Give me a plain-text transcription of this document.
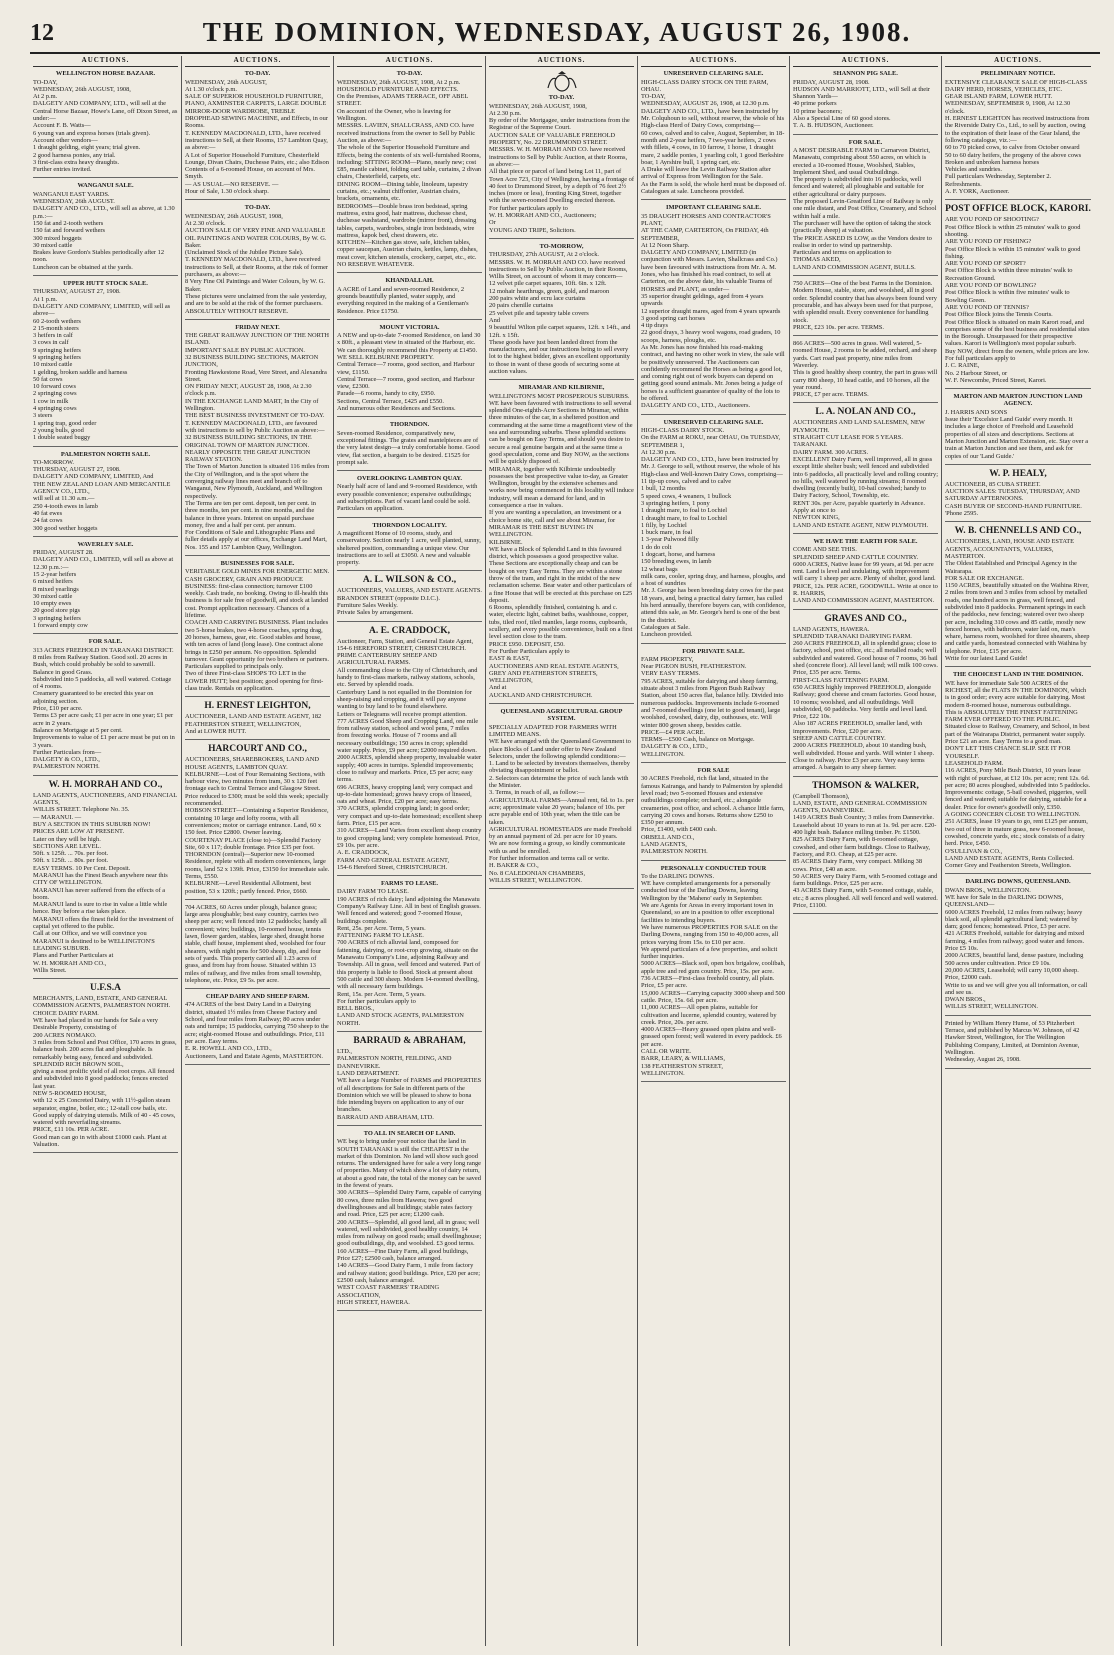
12	THE DOMINION, WEDNESDAY, AUGUST 26, 1908.
AUCTIONS.
WELLINGTON HORSE BAZAAR.
TO-DAY,
WEDNESDAY, 26th AUGUST, 1908,
At 2 p.m.
DALGETY AND COMPANY, LTD., will sell at the Central Horse Bazaar, Howe's Lane, off Dixon Street, as under:—
Account F. B. Watts—
6 young van and express horses (trials given).
Account other vendors—
1 draught gelding, eight years; trial given.
2 good harness ponies, any trial.
3 first-class extra heavy draughts.
Further entries invited.
WANGANUI SALE.
WANGANUI EAST YARDS.
WEDNESDAY, 26th AUGUST.
DALGETY AND CO., LTD., will sell as above, at 1.30 p.m.:—
150 fat and 2-tooth wethers
150 fat and forward wethers
300 mixed hoggets
30 mixed cattle
Brakes leave Gordon's Stables periodically after 12 noon.
Luncheon can be obtained at the yards.
UPPER HUTT STOCK SALE.
THURSDAY, AUGUST 27, 1908.
At 1 p.m.
DALGETY AND COMPANY, LIMITED, will sell as above—
60 2-tooth wethers
2 15-month steers
3 heifers in calf
3 cows in calf
9 springing heifers
9 springing heifers
10 mixed cattle
1 gelding, broken saddle and harness
50 fat cows
10 forward cows
2 springing cows
1 cow in milk
4 springing cows
3 steers
1 spring trap, good order
2 young bulls, good
1 double seated buggy
PALMERSTON NORTH SALE.
TO-MORROW.
THURSDAY, AUGUST 27, 1908.
DALGETY AND COMPANY, LIMITED, And
THE NEW ZEALAND LOAN AND MERCANTILE AGENCY CO., LTD.,
will sell at 11.30 a.m.—
250 4-tooth ewes in lamb
40 fat ewes
24 fat cows
300 good wether hoggets
WAVERLEY SALE.
FRIDAY, AUGUST 28.
DALGETY AND CO., LIMITED, will sell as above at 12.30 p.m.:—
15 2-year heifers
6 mixed heifers
8 mixed yearlings
30 mixed cattle
10 empty ewes
20 good store pigs
3 springing heifers
1 forward empty cow
FOR SALE.
313 ACRES FREEHOLD IN TARANAKI DISTRICT.
8 miles from Railway Station. Good soil. 20 acres in Bush, which could probably be sold to sawmill.
Balance in good Grass.
Subdivided into 5 paddocks, all well watered. Cottage of 4 rooms.
Creamery guaranteed to be erected this year on adjoining section.
Price, £10 per acre.
Terms £3 per acre cash; £1 per acre in one year; £1 per acre in 2 years.
Balance on Mortgage at 5 per cent.
Improvements to value of £1 per acre must be put on in 3 years.
Further Particulars from—
DALGETY & CO., LTD.,
PALMERSTON NORTH.
W. H. MORRAH AND CO.,
LAND AGENTS, AUCTIONEERS, AND FINANCIAL AGENTS,
WILLIS STREET. Telephone No. 35.
— MARANUI. —
BUY A SECTION IN THIS SUBURB NOW!
PRICES ARE LOW AT PRESENT.
Later on they will be high.
SECTIONS ARE LEVEL.
50ft. x 125ft. ... 70s. per foot.
50ft. x 125ft. ... 80s. per foot.
EASY TERMS. 10 Per Cent. Deposit.
MARANUI has the Finest Beach anywhere near this CITY OF WELLINGTON.
MARANUI has never suffered from the effects of a boom.
MARANUI land is sure to rise in value a little while hence. Buy before a rise takes place.
MARANUI offers the finest field for the investment of capital yet offered to the public.
Call at our Office, and we will convince you MARANUI is destined to be WELLINGTON'S LEADING SUBURB.
Plans and Further Particulars at
W. H. MORRAH AND CO.,
Willis Street.
U.F.S.A
MERCHANTS, LAND, ESTATE, AND GENERAL COMMISSION AGENTS, PALMERSTON NORTH.
CHOICE DAIRY FARM.
WE have had placed in our hands for Sale a very Desirable Property, consisting of
200 ACRES NOMAKO.
3 miles from School and Post Office, 170 acres in grass, balance bush. 200 acres flat and ploughable. Is remarkably being easy, fenced and subdivided.
SPLENDID RICH BROWN SOIL,
giving a most prolific yield of all root crops. All fenced and subdivided into 8 good paddocks; fences erected last year.
NEW 5-ROOMED HOUSE,
with 12 x 25 Concreted Dairy, with 11½-gallon steam separator, engine, boiler, etc.; 12-stall cow bails, etc. Good supply of dairying utensils. Milk of 40 - 45 cows, watered with neverfailing streams.
PRICE, £11 10s. PER ACRE.
Good man can go in with about £1000 cash. Plant at Valuation.
AUCTIONS.
TO-DAY.
WEDNESDAY, 26th AUGUST,
At 1.30 o'clock p.m.
SALE OF SUPERIOR HOUSEHOLD FURNITURE, PIANO, AXMINSTER CARPETS, LARGE DOUBLE MIRROR-DOOR WARDROBE, TREBLE DROPHEAD SEWING MACHINE, and Effects, in our Rooms.
T. KENNEDY MACDONALD, LTD., have received instructions to Sell, at their Rooms, 157 Lambton Quay, as above:—
A Lot of Superior Household Furniture, Chesterfield Lounge, Divan Chairs, Duchesse Pairs, etc.; also Edison Contents of a 6-roomed House, on account of Mrs. Smyth.
— AS USUAL—NO RESERVE. —
Hour of Sale, 1.30 o'clock sharp.
TO-DAY.
WEDNESDAY, 26th AUGUST, 1908,
At 2.30 o'clock.
AUCTION SALE OF VERY FINE AND VALUABLE OIL PAINTINGS AND WATER COLOURS, By W. G. Baker.
(Unclaimed Stock of the Jubilee Picture Sale).
T. KENNEDY MACDONALD, LTD., have received instructions to Sell, at their Rooms, at the risk of former purchasers, as above:—
8 Very Fine Oil Paintings and Water Colours, by W. G. Baker.
These pictures were unclaimed from the sale yesterday, and are to be sold at the risk of the former purchasers.
ABSOLUTELY WITHOUT RESERVE.
FRIDAY NEXT.
THE GREAT RAILWAY JUNCTION OF THE NORTH ISLAND.
IMPORTANT SALE BY PUBLIC AUCTION.
32 BUSINESS BUILDING SECTIONS, MARTON JUNCTION,
Fronting Hawkestone Road, Vere Street, and Alexandra Street.
ON FRIDAY NEXT, AUGUST 28, 1908, At 2.30 o'clock p.m.
IN THE EXCHANGE LAND MART, In the City of Wellington.
THE BEST BUSINESS INVESTMENT OF TO-DAY.
T. KENNEDY MACDONALD, LTD., are favoured with instructions to sell by Public Auction as above:—
32 BUSINESS BUILDING SECTIONS, IN THE ORIGINAL TOWN OF MARTON JUNCTION.
NEARLY OPPOSITE THE GREAT JUNCTION RAILWAY STATION.
The Town of Marton Junction is situated 116 miles from the City of Wellington, and is the spot where the converging railway lines meet and branch off to Wanganui, New Plymouth, Auckland, and Wellington respectively.
The Terms are ten per cent. deposit, ten per cent. in three months, ten per cent. in nine months, and the balance in three years. Interest on unpaid purchase money, five and a half per cent. per annum.
For Conditions of Sale and Lithographic Plans and fuller details apply at our offices, Exchange Land Mart, Nos. 155 and 157 Lambton Quay, Wellington.
BUSINESSES FOR SALE.
VERITABLE GOLD MINES FOR ENERGETIC MEN.
CASH GROCERY, GRAIN AND PRODUCE BUSINESS: first-class connection; turnover £100 weekly. Cash trade, no booking. Owing to ill-health this business is for sale free of goodwill, and stock at landed cost. Prompt application necessary. Chances of a lifetime.
COACH AND CARRYING BUSINESS. Plant includes two 5-horse brakes, two 4-horse coaches, spring drag, 20 horses, harness, gear, etc. Good stables and house, with ten acres of land (long lease). One contract alone brings in £250 per annum. No opposition. Splendid turnover. Grant opportunity for two brothers or partners. Particulars supplied to principals only.
Two of three First-class SHOPS TO LET in the LOWER HUTT; best position; good opening for first-class trade. Rentals on application.
H. ERNEST LEIGHTON,
AUCTIONEER, LAND AND ESTATE AGENT, 182 FEATHERSTON STREET, WELLINGTON,
And at LOWER HUTT.
HARCOURT AND CO.,
AUCTIONEERS, SHAREBROKERS, LAND AND HOUSE AGENTS, LAMBTON QUAY.
KELBURNE—Lost of Four Remaining Sections, with harbour view, two minutes from tram, 30 x 120 feet frontage each to Central Terrace and Glasgow Street. Price reduced to £300; must be sold this week; specially recommended.
HOBSON STREET—Containing a Superior Residence, containing 10 large and lofty rooms, with all conveniences; motor or carriage entrance. Land, 60 x 150 feet. Price £2800. Owner leaving.
COURTENAY PLACE (close to)—Splendid Factory Site, 60 x 117; double frontage. Price £35 per foot.
THORNDON (central)—Superior new 10-roomed Residence, replete with all modern conveniences, large rooms, land 52 x 139ft. Price, £3150 for immediate sale. Terms, £550.
KELBURNE—Level Residential Allotment, best position, 53 x 120ft.; partly fenced. Price, £660.
704 ACRES, 60 Acres under plough, balance grass; large area ploughable; best easy country, carries two sheep per acre; well fenced into 12 paddocks; handy all convenient; wire; buildings, 10-roomed house, tennis lawn, flower garden, stables, large shed, draught horse stable, chaff house, implement shed, woolshed for four shearers, with night pens for 500 sheep, dip, and four sets of yards. This property carried all 1.23 acres of grass, and from hay from house. Situated within 13 miles of railway, and five miles from small township, telephone, etc. Price, £9 5s. per acre.
CHEAP DAIRY AND SHEEP FARM.
474 ACRES of the best Dairy Land in a Dairying district, situated 1½ miles from Cheese Factory and School, and four miles from Railway; 80 acres under oats and turnips; 15 paddocks, carrying 750 sheep to the acre; eight-roomed House and outbuildings. Price, £11 per acre. Easy terms.
E. R. HOWELL AND CO., LTD.,
Auctioneers, Land and Estate Agents, MASTERTON.
AUCTIONS.
TO-DAY.
WEDNESDAY, 26th AUGUST, 1908, At 2 p.m.
HOUSEHOLD FURNITURE AND EFFECTS.
On the Premises, ADAMS TERRACE, OFF ABEL STREET.
On account of the Owner, who is leaving for Wellington.
MESSRS. LAVIEN, SHALLCRASS, AND CO. have received instructions from the owner to Sell by Public Auction, as above:—
The whole of the Superior Household Furniture and Effects, being the contents of six well-furnished Rooms, including: SITTING ROOM—Piano, nearly new; cost £85, mantle cabinet, folding card table, curtains, 2 divan chairs, Chesterfield, carpets, etc.
DINING ROOM—Dining table, linoleum, tapestry curtains, etc.; walnut chiffonier, Austrian chairs, brackets, ornaments, etc.
BEDROOMS—Double brass iron bedstead, spring mattress, extra good, hair mattress, duchesse chest, duchesse washstand, wardrobe (mirror front), dressing tables, carpets, wardrobes, single iron bedsteads, wire mattress, kapok bed, chest drawers, etc.
KITCHEN—Kitchen gas stove, safe, kitchen tables, copper saucepan, Austrian chairs, kettles, lamp, dishes, meat cover, kitchen utensils, crockery, carpet, etc., etc.
NO RESERVE WHATEVER.
KHANDALLAH.
A ACRE of Land and seven-roomed Residence, 2 grounds beautifully planted, water supply, and everything required in the making of a Gentleman's Residence. Price £1750.
MOUNT VICTORIA.
A NEW and up-to-date 7-roomed Residence, on land 30 x 80ft., a pleasant view in situated of the Harbour, etc. We can thoroughly recommend this Property at £1450.
WE SELL KELBURNE PROPERTY.
Central Terrace—7 rooms, good section, and Harbour view, £1150.
Central Terrace—7 rooms, good section, and Harbour view, £2300.
Parade—6 rooms, handy to city, £950.
Sections, Central Terrace, £425 and £550.
And numerous other Residences and Sections.
THORNDON.
Seven-roomed Residence, comparatively new, exceptional fittings. The grates and mantelpieces are of the very latest design—a truly comfortable home. Good view, flat section, a bargain to be desired. £1525 for prompt sale.
OVERLOOKING LAMBTON QUAY.
Nearly half acre of land and 9-roomed Residence, with every possible convenience; expensive outbuildings; and subscriptions. Part of vacant land could be sold. Particulars on application.
THORNDON LOCALITY.
A magnificent Home of 10 rooms, study, and conservatory. Section nearly 1 acre, well planted, sunny, sheltered position, commanding a unique view. Our instructions are to sell at £3050. A new and valuable property.
A. L. WILSON & CO.,
AUCTIONEERS, VALUERS, AND ESTATE AGENTS.
BRANDON STREET (opposite D.I.C.).
Furniture Sales Weekly.
Private Sales by arrangement.
A. E. CRADDOCK,
Auctioneer, Farm, Station, and General Estate Agent,
154-6 HEREFORD STREET, CHRISTCHURCH.
PRIME CANTERBURY SHEEP AND AGRICULTURAL FARMS.
All commanding close to the City of Christchurch, and handy to first-class markets, railway stations, schools, etc. Served by splendid roads.
Canterbury Land is not equalled in the Dominion for sheep-raising and cropping, and it will pay anyone wanting to buy land to be found elsewhere.
Letters or Telegrams will receive prompt attention.
777 ACRES Good Sheep and Cropping Land, one mile from railway station, school and wool pens, 7 miles from freezing works. House of 7 rooms and all necessary outbuildings; 150 acres in crop; splendid water supply. Price, £9 per acre; £2000 required down.
2000 ACRES, splendid sheep property, invaluable water supply; 400 acres in turnips. Splendid improvements; close to railway and markets. Price, £5 per acre; easy terms.
696 ACRES, heavy cropping land; very compact and up-to-date homestead; grows heavy crops of linseed, oats and wheat. Price, £20 per acre; easy terms.
370 ACRES, splendid cropping land; in good order; very compact and up-to-date homestead; excellent sheep farm. Price, £15 per acre.
310 ACRES—Land Varies from excellent sheep country to good cropping land; very complete homestead. Price, £9 10s. per acre.
A. E. CRADDOCK,
FARM AND GENERAL ESTATE AGENT,
154-6 Hereford Street, CHRISTCHURCH.
FARMS TO LEASE.
DAIRY FARM TO LEASE.
190 ACRES of rich dairy; land adjoining the Manawatu Company's Railway Line. All in best of English grasses. Well fenced and watered; good 7-roomed House, buildings complete.
Rent, 25s. per Acre. Term, 5 years.
FATTENING FARM TO LEASE.
700 ACRES of rich alluvial land, composed for fattening, dairying, or root-crop growing, situate on the Manawatu Company's Line, adjoining Railway and Township. All in grass, well fenced and watered. Part of this property is liable to flood. Stock at present about 500 cattle and 300 sheep. Modern 14-roomed dwelling, with all necessary farm buildings.
Rent, 15s. per Acre. Term, 5 years.
For further particulars apply to
BELL BROS.,
LAND AND STOCK AGENTS, PALMERSTON NORTH.
BARRAUD & ABRAHAM,
LTD.,
PALMERSTON NORTH, FEILDING, AND DANNEVIRKE.
LAND DEPARTMENT.
WE have a large Number of FARMS and PROPERTIES of all descriptions for Sale in different parts of the Dominion which we will be pleased to show to bona fide intending buyers on application to any of our branches.
BARRAUD AND ABRAHAM, LTD.
TO ALL IN SEARCH OF LAND.
WE beg to bring under your notice that the land in SOUTH TARANAKI is still the CHEAPEST in the market of this Dominion. No land will show such good returns. The undersigned have for sale a very long range of properties. Many of which show a lot of dairy return, at about a good rate, the total of the money can be saved in the fewest of years.
300 ACRES—Splendid Dairy Farm, capable of carrying 80 cows, three miles from Hawera; two good dwellinghouses and all buildings; stable rates factory and road. Price, £25 per acre; £1200 cash.
200 ACRES—Splendid, all good land, all in grass; well watered, well subdivided, good healthy country, 14 miles from railway on good roads; small dwellinghouse; good outbuildings, dip, and woolshed. £3 good terms.
160 ACRES—Fine Dairy Farm, all good buildings, Price £27; £2500 cash, balance arranged.
140 ACRES—Good Dairy Farm, 1 mile from factory and railway station; good buildings. Price, £20 per acre; £2500 cash, balance arranged.
WEST COAST FARMERS' TRADING ASSOCIATION,
HIGH STREET, HAWERA.
AUCTIONS.
TO-DAY.
WEDNESDAY, 26th AUGUST, 1908,
At 2.30 p.m.
By order of the Mortgagee, under instructions from the Registrar of the Supreme Court.
AUCTION SALE OF VALUABLE FREEHOLD PROPERTY, No. 22 DRUMMOND STREET.
MESSRS. W. H. MORRAH AND CO. have received instructions to Sell by Public Auction, at their Rooms, as above:—
All that piece or parcel of land being Lot 11, part of Town Acre 723, City of Wellington, having a frontage of 40 feet to Drummond Street, by a depth of 76 feet 2½ inches (more or less), fronting King Street, together with the seven-roomed Dwelling erected thereon.
For further particulars apply to
W. H. MORRAH AND CO., Auctioneers;
Or
YOUNG AND TRIPE, Solicitors.
TO-MORROW,
THURSDAY, 27th AUGUST, At 2 o'clock.
MESSRS. W. H. MORRAH AND CO. have received instructions to Sell by Public Auction, in their Rooms, Willis Street, on account of whom it may concern—
12 velvet pile carpet squares, 10ft. 6in. x 12ft.
12 mohair hearthrugs, green, gold, and maroon
200 pairs white and ecru lace curtains
20 pairs chenille curtains
25 velvet pile and tapestry table covers
And
9 beautiful Wilton pile carpet squares, 12ft. x 14ft., and 12ft. x 15ft.
These goods have just been landed direct from the manufacturers, and our instructions being to sell every lot to the highest bidder, gives an excellent opportunity to those in want of these goods of securing some at auction values.
MIRAMAR AND KILBIRNIE,
WELLINGTON'S MOST PROSPEROUS SUBURBS.
WE have been favoured with instructions to sell several splendid One-eighth-Acre Sections in Miramar, within three minutes of the car, in a sheltered position and commanding at the same time a magnificent view of the sea and surrounding suburbs. These splendid sections can be bought on Easy Terms, and should you desire to secure a real genuine bargain and at the same time a good speculation, come and Buy NOW, as the sections will be quickly disposed of.
MIRAMAR, together with Kilbirnie undoubtedly possesses the best prospective value to-day, as Greater Wellington, brought by the extensive schemes and works now being commenced in this locality will induce industry, will mean a demand for land, and in consequence a rise in values.
If you are wanting a speculation, an investment or a choice home site, call and see about Miramar, for
MIRAMAR IS THE BEST BUYING IN WELLINGTON.
KILBIRNIE.
WE have a Block of Splendid Land in this favoured district, which possesses a good prospective value.
These Sections are exceptionally cheap and can be bought on very Easy Terms. They are within a stone throw of the tram, and right in the midst of the new reclamation scheme. Bear water and other particulars of a fine House that will be erected at this purchase on £25 deposit.
6 Rooms, splendidly finished, containing h. and c. water, electric light, cabinet baths, washhouse, copper, tubs, tiled roof, tiled mantles, large rooms, cupboards, scullery, and every possible convenience, built on a first level section close to the tram.
PRICE £950. DEPOSIT, £50.
For Further Particulars apply to
EAST & EAST,
AUCTIONEERS AND REAL ESTATE AGENTS,
GREY AND FEATHERSTON STREETS, WELLINGTON,
And at
AUCKLAND AND CHRISTCHURCH.
QUEENSLAND AGRICULTURAL GROUP SYSTEM.
SPECIALLY ADAPTED FOR FARMERS WITH LIMITED MEANS.
WE have arranged with the Queensland Government to place Blocks of Land under offer to New Zealand Selectors, under the following splendid conditions:—
1. Land to be selected by investors themselves, thereby obviating disappointment or ballot.
2. Selectors can determine the price of such lands with the Minister.
3. Terms, in reach of all, as follow:—
AGRICULTURAL FARMS—Annual rent, 6d. to 1s. per acre; approximate value 20 years; balance of 10s. per acre payable end of 10th year, when the title can be taken.
AGRICULTURAL HOMESTEADS are made Freehold by an annual payment of 2d. per acre for 10 years.
We are now forming a group, so kindly communicate with us and be enrolled.
For further information and terms call or write.
H. BAKER & CO.,
No. 8 CALEDONIAN CHAMBERS,
WILLIS STREET, WELLINGTON.
AUCTIONS.
UNRESERVED CLEARING SALE.
HIGH-CLASS DAIRY STOCK ON THE FARM, OHAU.
TO-DAY,
WEDNESDAY, AUGUST 26, 1908, at 12.30 p.m.
DALGETY AND CO., LTD., have been instructed by Mr. Colquhoun to sell, without reserve, the whole of his High-class Herd of Dairy Cows, comprising—
60 cows, calved and to calve, August, September, in 18-month and 2-year heifers, 7 two-year heifers, 2 cows with fillets, 4 cows, in 10 farrow, 1 horse, 1 draught mare, 2 saddle ponies, 1 yearling colt, 1 good Berkshire boar, 1 Ayrshire bull, 1 spring cart, etc.
A Drake will leave the Levin Railway Station after arrival of Express from Wellington for the Sale.
As the Farm is sold, the whole herd must be disposed of.
Catalogues at sale. Luncheons provided.
IMPORTANT CLEARING SALE.
35 DRAUGHT HORSES AND CONTRACTOR'S PLANT,
AT THE CAMP, CARTERTON, On FRIDAY, 4th SEPTEMBER,
At 12 Noon Sharp.
DALGETY AND COMPANY, LIMITED (in conjunction with Messrs. Lavien, Shallcrass and Co.) have been favoured with instructions from Mr. A. M. Jones, who has finished his road contract, to sell at Carterton, on the above date, his valuable Teams of HORSES and PLANT, as under—
35 superior draught geldings, aged from 4 years upwards
12 superior draught mares, aged from 4 years upwards
3 good spring cart horses
4 tip drays
22 good drays, 3 heavy wool wagons, road graders, 10 scoops, harness, ploughs, etc.
As Mr. Jones has now finished his road-making contract, and having no other work in view, the sale will be positively unreserved. The Auctioneers can confidently recommend the Horses as being a good lot, and coming right out of work buyers can depend on getting good sound animals. Mr. Jones being a judge of horses is a sufficient guarantee of quality of the lots to be offered.
DALGETY AND CO., LTD., Auctioneers.
UNRESERVED CLEARING SALE.
HIGH-CLASS DAIRY STOCK.
On the FARM at ROKU, near OHAU, On TUESDAY, SEPTEMBER 1,
At 12.30 p.m.
DALGETY AND CO., LTD., have been instructed by Mr. J. George to sell, without reserve, the whole of his High-class and Well-known Dairy Cows, comprising—
11 tip-up cows, calved and to calve
1 bull, 12 months
5 speed cows, 4 weaners, 1 bullock
3 springing heifers, 1 pony
1 draught mare, to foal to Lochiel
1 draught mare, to foal to Lochiel
1 filly, by Lochiel
1 buck mare, in foal
1 3-year Pulwood filly
1 do do colt
1 dogcart, horse, and harness
150 breeding ewes, in lamb
12 wheat bags
milk cans, cooler, spring dray, and harness, ploughs, and a host of sundries
Mr. J. George has been breeding dairy cows for the past 18 years, and, being a practical dairy farmer, has culled his herd annually, therefore buyers can, with confidence, attend this sale, as Mr. George's herd is one of the best in the district.
Catalogues at Sale.
Luncheon provided.
FOR PRIVATE SALE.
FARM PROPERTY,
Near PIGEON BUSH, FEATHERSTON.
VERY EASY TERMS.
795 ACRES, suitable for dairying and sheep farming, situate about 3 miles from Pigeon Bush Railway Station, about 150 acres flat, balance hilly. Divided into numerous paddocks. Improvements include 6-roomed and 7-roomed dwellings (one let to good tenant), large woolshed, cowshed, dairy, dip, outhouses, etc. Will winter 800 grown sheep, besides cattle.
PRICE—£4 PER ACRE.
TERMS—£500 Cash, balance on Mortgage.
DALGETY & CO., LTD.,
WELLINGTON.
FOR SALE
30 ACRES Freehold, rich flat land, situated in the famous Kairanga, and handy to Palmerston by splendid level road; two 5-roomed Houses and extensive outbuildings complete; orchard, etc.; alongside creameries, post office, and school. A chance little farm, carrying 20 cows and horses. Returns show £250 to £350 per annum.
Price, £1400, with £400 cash.
ORBELL AND CO.,
LAND AGENTS,
PALMERSTON NORTH.
PERSONALLY CONDUCTED TOUR
To the DARLING DOWNS.
WE have completed arrangements for a personally conducted tour of the Darling Downs, leaving Wellington by the 'Maheno' early in September.
We are Agents for Areas in every important town in Queensland, so are in a position to offer exceptional facilities to intending buyers.
We have numerous PROPERTIES FOR SALE on the Darling Downs, ranging from 150 to 40,000 acres, all prices varying from 15s. to £10 per acre.
We append particulars of a few properties, and solicit further inquiries.
5000 ACRES—Black soil, open box brigalow, coolibah, apple tree and red gum country. Price, 15s. per acre.
736 ACRES—First-class freehold country, all plain. Price, £5 per acre.
15,000 ACRES—Carrying capacity 3000 sheep and 500 cattle. Price, 15s. 6d. per acre.
11,000 ACRES—All open plains, suitable for cultivation and lucerne, splendid country, watered by creek. Price, 20s. per acre.
4000 ACRES—Heavy grassed open plains and well-grassed open forest; well watered in every paddock. £6 per acre.
CALL OR WRITE.
BARR, LEARY, & WILLIAMS,
138 FEATHERSTON STREET,
WELLINGTON.
AUCTIONS.
SHANNON PIG SALE.
FRIDAY, AUGUST 28, 1908.
HUDSON AND MARRIOTT, LTD., will Sell at their Shannon Yards—
40 prime porkers
10 prime baconers;
Also a Special Line of 60 good stores.
T. A. B. HUDSON, Auctioneer.
FOR SALE.
A MOST DESIRABLE FARM in Carnarvon District, Manawatu, comprising about 550 acres, on which is erected a 10-roomed House, Woolshed, Stables, Implement Shed, and usual Outbuildings.
The property is subdivided into 16 paddocks, well fenced and watered; all ploughable and suitable for either agricultural or dairy purposes.
The proposed Levin-Greatford Line of Railway is only one mile distant, and Post Office, Creamery, and School within half a mile.
The purchaser will have the option of taking the stock (practically sheep) at valuation.
The PRICE ASKED IS LOW, as the Vendors desire to realise in order to wind up partnership.
Particulars and terms on application to
THOMAS AKED,
LAND AND COMMISSION AGENT, BULLS.
750 ACRES—One of the best Farms in the Dominion. Modern House, stable, store, and woolshed, all in good order. Splendid country that has always been found very procurable, and has always been used for that purpose, with splendid result. Every convenience for handling stock.
PRICE, £23 10s. per acre. TERMS.
866 ACRES—500 acres in grass. Well watered, 5-roomed House, 2 rooms to be added, orchard, and sheep yards. Cart road past property, nine miles from Waverley.
This is good healthy sheep country, the part in grass will carry 800 sheep, 10 head cattle, and 10 horses, all the year round.
PRICE, £7 per acre. TERMS.
L. A. NOLAN AND CO.,
AUCTIONEERS AND LAND SALESMEN, NEW PLYMOUTH.
STRAIGHT CUT LEASE FOR 5 YEARS.
TARANAKI.
DAIRY FARM. 300 ACRES.
EXCELLENT Dairy Farm, well improved, all in grass except little shelter bush; well fenced and subdivided into 6 paddocks, all practically level and rolling country; no hills, well watered by running streams; 8 roomed dwelling (recently built), 10-bail cowshed; handy to Dairy Factory, School, Township, etc.
RENT 30s. per Acre, payable quarterly in Advance.
Apply at once to
NEWTON KING,
LAND AND ESTATE AGENT, NEW PLYMOUTH.
WE HAVE THE EARTH FOR SALE.
COME AND SEE THIS.
SPLENDID SHEEP AND CATTLE COUNTRY.
6000 ACRES, Native lease for 99 years, at 9d. per acre rent. Land is level and undulating, with improvement will carry 1 sheep per acre. Plenty of shelter, good land.
PRICE, 12s. PER ACRE, GOODWILL. Write at once to
R. HARRIS,
LAND AND COMMISSION AGENT, MASTERTON.
GRAVES AND CO.,
LAND AGENTS, HAWERA.
SPLENDID TARANAKI DAIRYING FARM.
260 ACRES FREEHOLD, all in splendid grass; close to factory, school, post office, etc.; all metalled roads; well subdivided and watered. Good house of 7 rooms, 36 bail shed (concrete floor). All level land; will milk 100 cows. Price, £35 per acre. Terms.
FIRST-CLASS FATTENING FARM.
650 ACRES highly improved FREEHOLD, alongside Railway; good cheese and cream factories. Good house, 10 rooms; woolshed, and all outbuildings. Well subdivided, 60 paddocks. Very fertile and level land. Price, £22 10s.
Also 187 ACRES FREEHOLD, smaller land, with improvements. Price, £20 per acre.
SHEEP AND CATTLE COUNTRY.
2000 ACRES FREEHOLD, about 10 standing bush, well subdivided. House and yards. Will winter 1 sheep. Close to railway. Price £3 per acre. Very easy terms arranged. A bargain to any sheep farmer.
THOMSON & WALKER,
(Campbell Thomson),
LAND, ESTATE, AND GENERAL COMMISSION AGENTS, DANNEVIRKE.
1419 ACRES Bush Country; 3 miles from Dannevirke. Leasehold about 10 years to run at 1s. 9d. per acre. £20-400 light bush. Balance milling timber. Pr. £1500.
825 ACRES Dairy Farm, with 8-roomed cottage, cowshed, and other farm buildings. Close to Railway, Factory, and P.O. Cheap, at £25 per acre.
85 ACRES Dairy Farm, very compact. Milking 38 cows. Price, £40 an acre.
50 ACRES very Dairy Farm, with 5-roomed cottage and farm buildings. Price, £25 per acre.
43 ACRES Dairy Farm, with 5-roomed cottage, stable, etc.; 8 acres ploughed. All well fenced and well watered. Price, £1100.
AUCTIONS.
PRELIMINARY NOTICE.
EXTENSIVE CLEARANCE SALE OF HIGH-CLASS DAIRY HERD, HORSES, VEHICLES, ETC.
GEAR ISLAND FARM, LOWER HUTT.
WEDNESDAY, SEPTEMBER 9, 1908, At 12.30 o'clock.
H. ERNEST LEIGHTON has received instructions from the Riverside Dairy Co., Ltd., to sell by auction, owing to the expiration of their lease of the Gear Island, the following catalogue, viz.:—
60 to 70 picked cows, to calve from October onward
50 to 60 dairy heifers, the progeny of the above cows
Broken and unbroken harness horses
Vehicles and sundries.
Full particulars Wednesday, September 2.
Refreshments.
A. F. YORK, Auctioneer.
POST OFFICE BLOCK, KARORI.
ARE YOU FOND OF SHOOTING?
Post Office Block is within 25 minutes' walk to good shooting.
ARE YOU FOND OF FISHING?
Post Office Block is within 15 minutes' walk to good fishing.
ARE YOU FOND OF SPORT?
Post Office Block is within three minutes' walk to Recreation Ground.
ARE YOU FOND OF BOWLING?
Post Office Block is within five minutes' walk to Bowling Green.
ARE YOU FOND OF TENNIS?
Post Office Block joins the Tennis Courts.
Post Office Block is situated on main Karori road, and comprises some of the best business and residential sites in the Borough. Unsurpassed for their prospective values. Karori is Wellington's most popular suburb.
Buy NOW, direct from the owners, while prices are low.
For full particulars apply to
J. C. RAINE,
No. 2 Harbour Street, or
W. F. Newcombe, Priced Street, Karori.
MARTON AND MARTON JUNCTION LAND AGENCY.
J. HARRIS AND SONS
Issue their 'Excelsior Land Guide' every month. It includes a large choice of Freehold and Leasehold properties of all sizes and descriptions. Sections at Marton Junction and Marton Extension, etc. Stay over a train at Marton Junction and see them, and ask for copies of our 'Land Guide.'
W. P. HEALY,
AUCTIONEER, 85 CUBA STREET.
AUCTION SALES: TUESDAY, THURSDAY, AND SATURDAY AFTERNOONS.
CASH BUYER OF SECOND-HAND FURNITURE.
'Phone 2595.
W. B. CHENNELLS AND CO.,
AUCTIONEERS, LAND, HOUSE AND ESTATE AGENTS, ACCOUNTANTS, VALUERS, MASTERTON.
The Oldest Established and Principal Agency in the Wairarapa.
FOR SALE OR EXCHANGE.
1150 ACRES, beautifully situated on the Waihina River, 2 miles from town and 3 miles from school by metalled roads, one hundred acres in grass, well fenced, and subdivided into 8 paddocks. Permanent springs in each of the paddocks, new fencing; watered over two sheep per acre, including 310 cows and 85 cattle, mostly new fenced homes, with bathroom, water laid on, man's whare, harness room, woolshed for three shearers, sheep and cattle yards, homestead connected with Waihina by telephone. Price, £15 per acre.
Write for our latest Land Guide!
THE CHOICEST LAND IN THE DOMINION.
WE have for immediate Sale 500 ACRES of the RICHEST, all the FLATS IN THE DOMINION, which is in good order; every acre suitable for dairying. Most modern 8-roomed house, numerous outbuildings.
This is ABSOLUTELY THE FINEST FATTENING FARM EVER OFFERED TO THE PUBLIC.
Situated close to Railway, Creamery, and School, in best part of the Wairarapa District, permanent water supply. Price £21 an acre. Easy Terms to a good man.
DON'T LET THIS CHANCE SLIP. SEE IT FOR YOURSELF.
LEASEHOLD FARM.
116 ACRES, Pony Mile Bush District, 10 years lease with right of purchase, at £12 10s. per acre; rent 12s. 6d. per acre; 80 acres ploughed, subdivided into 5 paddocks. Improvements: cottage, 5-bail cowshed, piggeries, well fenced and watered; suitable for dairying, suitable for a dealer. Price for owner's goodwill only, £350.
A GOING CONCERN CLOSE TO WELLINGTON.
251 ACRES, lease 19 years to go, rent £125 per annum, two out of three in mature grass, new 6-roomed house, cowshed, concrete yards, etc.; stock consists of a dairy herd. Price, £450.
O'SULLIVAN & CO.,
LAND AND ESTATE AGENTS, Rents Collected.
Corner Grey and Featherston Streets, Wellington.
DARLING DOWNS, QUEENSLAND.
DWAN BROS., WELLINGTON.
WE have for Sale in the DARLING DOWNS, QUEENSLAND—
6000 ACRES Freehold, 12 miles from railway; heavy black soil, all splendid agricultural land; watered by dam; good fences; homestead. Price, £3 per acre.
421 ACRES Freehold, suitable for dairying and mixed farming, 4 miles from railway; good water and fences. Price £5 10s.
2000 ACRES, beautiful land, dense pasture, including 500 acres under cultivation. Price £9 10s.
20,000 ACRES, Leasehold; will carry 10,000 sheep. Price, £2000 cash.
Write to us and we will give you all information, or call and see us.
DWAN BROS.,
WILLIS STREET, WELLINGTON.
Printed by William Henry Hume, of 53 Pitzherbert Terrace, and published by Marcus W. Johnson, of 42 Hawker Street, Wellington, for The Wellington Publishing Company, Limited, at Dominion Avenue, Wellington.
Wednesday, August 26, 1908.
